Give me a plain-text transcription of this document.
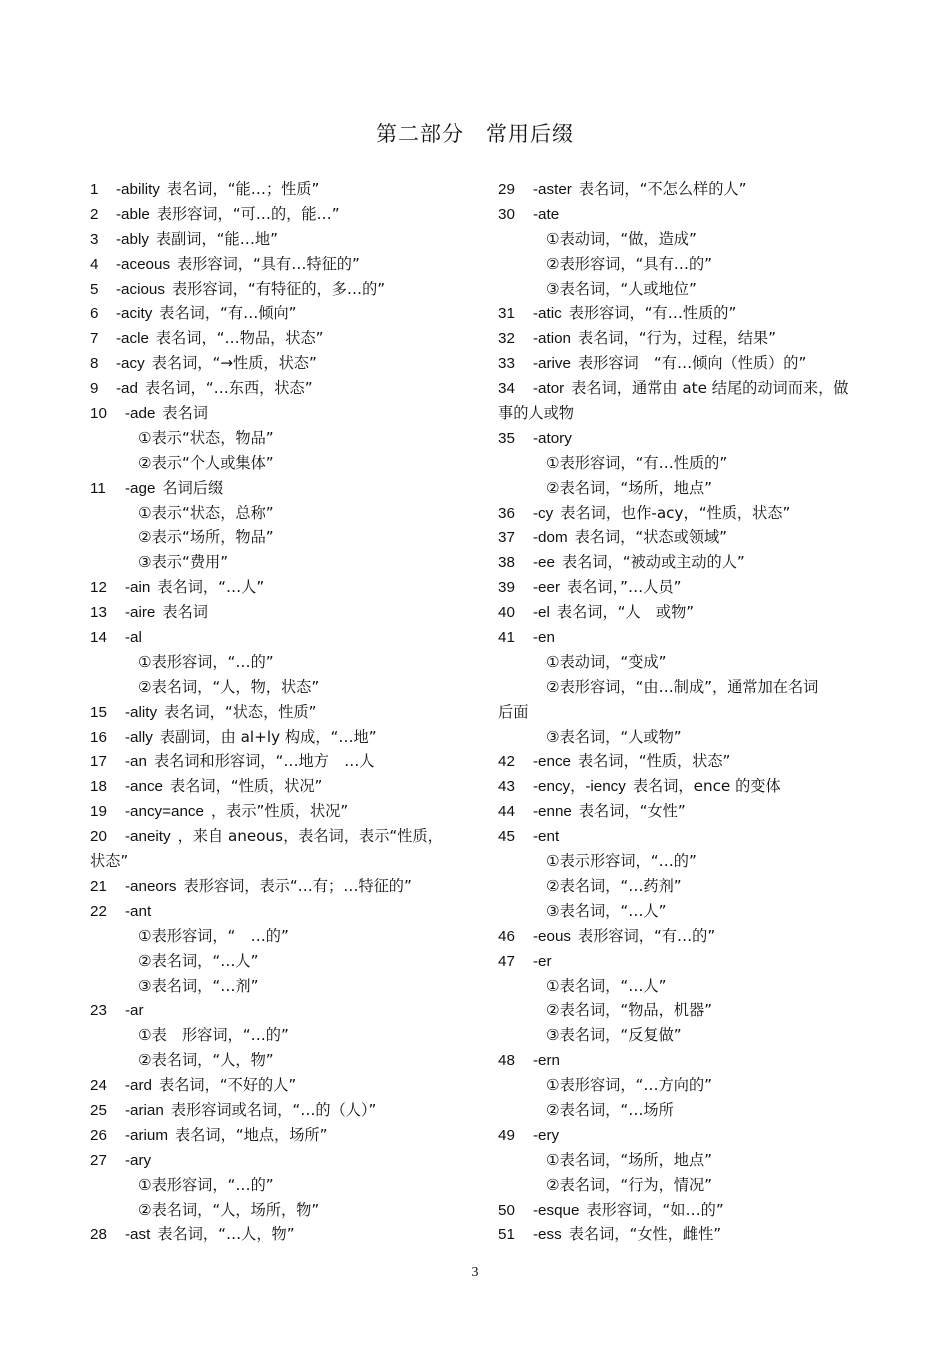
第二部分　常用后缀
1 -ability 表名词，“能…；性质”
2 -able 表形容词，“可…的，能…”
3 -ably 表副词，“能…地”
4 -aceous 表形容词，“具有…特征的”
5 -acious 表形容词，“有特征的，多…的”
6 -acity 表名词，“有…倾向”
7 -acle 表名词，“…物品，状态”
8 -acy 表名词，“→性质，状态”
9 -ad 表名词，“…东西，状态”
10 -ade 表名词
①表示“状态，物品”
②表示“个人或集体”
11 -age 名词后缀
①表示“状态，总称”
②表示“场所，物品”
③表示“费用”
12 -ain 表名词，“…人”
13 -aire 表名词
14 -al
①表形容词，“…的”
②表名词，“人，物，状态”
15 -ality 表名词，“状态，性质”
16 -ally 表副词，由 al+ly 构成，“…地”
17 -an 表名词和形容词，“…地方　…人
18 -ance 表名词，“性质，状况”
19 -ancy=ance ，表示”性质，状况”
20 -aneity ，来自 aneous，表名词，表示“性质，
状态”
21 -aneors 表形容词，表示“…有；…特征的”
22 -ant
①表形容词，“　…的”
②表名词，“…人”
③表名词，“…剂”
23 -ar
①表　形容词，“…的”
②表名词，“人，物”
24 -ard 表名词，“不好的人”
25 -arian 表形容词或名词，“…的（人）”
26 -arium 表名词，“地点，场所”
27 -ary
①表形容词，“…的”
②表名词，“人，场所，物”
28 -ast 表名词，“…人，物”
29 -aster 表名词，“不怎么样的人”
30 -ate
①表动词，“做，造成”
②表形容词，“具有…的”
③表名词，“人或地位”
31 -atic 表形容词，“有…性质的”
32 -ation 表名词，“行为，过程，结果”
33 -arive 表形容词　“有…倾向（性质）的”
34 -ator 表名词，通常由 ate 结尾的动词而来，做
事的人或物
35 -atory
①表形容词，“有…性质的”
②表名词，“场所，地点”
36 -cy 表名词，也作-acy，“性质，状态”
37 -dom 表名词，“状态或领域”
38 -ee 表名词，“被动或主动的人”
39 -eer 表名词，”…人员”
40 -el 表名词，“人　或物”
41 -en
①表动词，“变成”
②表形容词，“由…制成”，通常加在名词
后面
③表名词，“人或物”
42 -ence 表名词，“性质，状态”
43 -ency，-iency 表名词，ence 的变体
44 -enne 表名词，“女性”
45 -ent
①表示形容词，“…的”
②表名词，“…药剂”
③表名词，“…人”
46 -eous 表形容词，“有…的”
47 -er
①表名词，“…人”
②表名词，“物品，机器”
③表名词，“反复做”
48 -ern
①表形容词，“…方向的”
②表名词，“…场所
49 -ery
①表名词，“场所，地点”
②表名词，“行为，情况”
50 -esque 表形容词，“如…的”
51 -ess 表名词，“女性，雌性”
3
